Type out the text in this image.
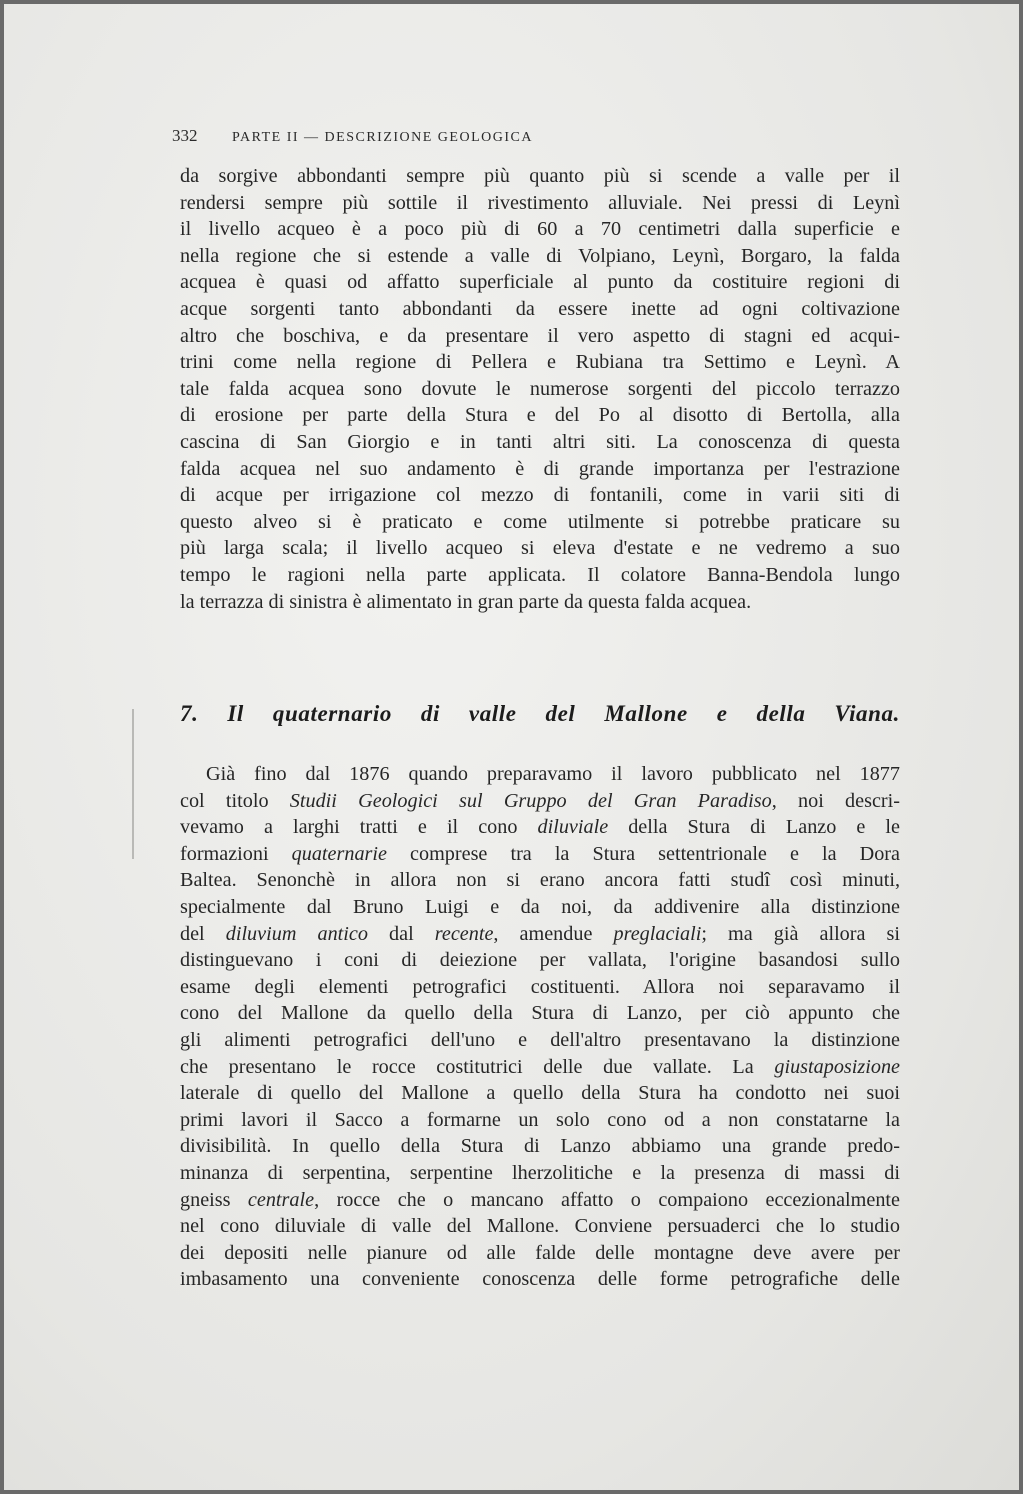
332 PARTE II — DESCRIZIONE GEOLOGICA
da sorgive abbondanti sempre più quanto più si scende a valle per il
rendersi sempre più sottile il rivestimento alluviale. Nei pressi di Leynì
il livello acqueo è a poco più di 60 a 70 centimetri dalla superficie e
nella regione che si estende a valle di Volpiano, Leynì, Borgaro, la falda
acquea è quasi od affatto superficiale al punto da costituire regioni di
acque sorgenti tanto abbondanti da essere inette ad ogni coltivazione
altro che boschiva, e da presentare il vero aspetto di stagni ed acqui-
trini come nella regione di Pellera e Rubiana tra Settimo e Leynì. A
tale falda acquea sono dovute le numerose sorgenti del piccolo terrazzo
di erosione per parte della Stura e del Po al disotto di Bertolla, alla
cascina di San Giorgio e in tanti altri siti. La conoscenza di questa
falda acquea nel suo andamento è di grande importanza per l'estrazione
di acque per irrigazione col mezzo di fontanili, come in varii siti di
questo alveo si è praticato e come utilmente si potrebbe praticare su
più larga scala; il livello acqueo si eleva d'estate e ne vedremo a suo
tempo le ragioni nella parte applicata. Il colatore Banna-Bendola lungo
la terrazza di sinistra è alimentato in gran parte da questa falda acquea.
7. Il quaternario di valle del Mallone e della Viana.
Già fino dal 1876 quando preparavamo il lavoro pubblicato nel 1877
col titolo Studii Geologici sul Gruppo del Gran Paradiso, noi descri-
vevamo a larghi tratti e il cono diluviale della Stura di Lanzo e le
formazioni quaternarie comprese tra la Stura settentrionale e la Dora
Baltea. Senonchè in allora non si erano ancora fatti studî così minuti,
specialmente dal Bruno Luigi e da noi, da addivenire alla distinzione
del diluvium antico dal recente, amendue preglaciali; ma già allora si
distinguevano i coni di deiezione per vallata, l'origine basandosi sullo
esame degli elementi petrografici costituenti. Allora noi separavamo il
cono del Mallone da quello della Stura di Lanzo, per ciò appunto che
gli alimenti petrografici dell'uno e dell'altro presentavano la distinzione
che presentano le rocce costitutrici delle due vallate. La giustaposizione
laterale di quello del Mallone a quello della Stura ha condotto nei suoi
primi lavori il Sacco a formarne un solo cono od a non constatarne la
divisibilità. In quello della Stura di Lanzo abbiamo una grande predo-
minanza di serpentina, serpentine lherzolitiche e la presenza di massi di
gneiss centrale, rocce che o mancano affatto o compaiono eccezionalmente
nel cono diluviale di valle del Mallone. Conviene persuaderci che lo studio
dei depositi nelle pianure od alle falde delle montagne deve avere per
imbasamento una conveniente conoscenza delle forme petrografiche delle
